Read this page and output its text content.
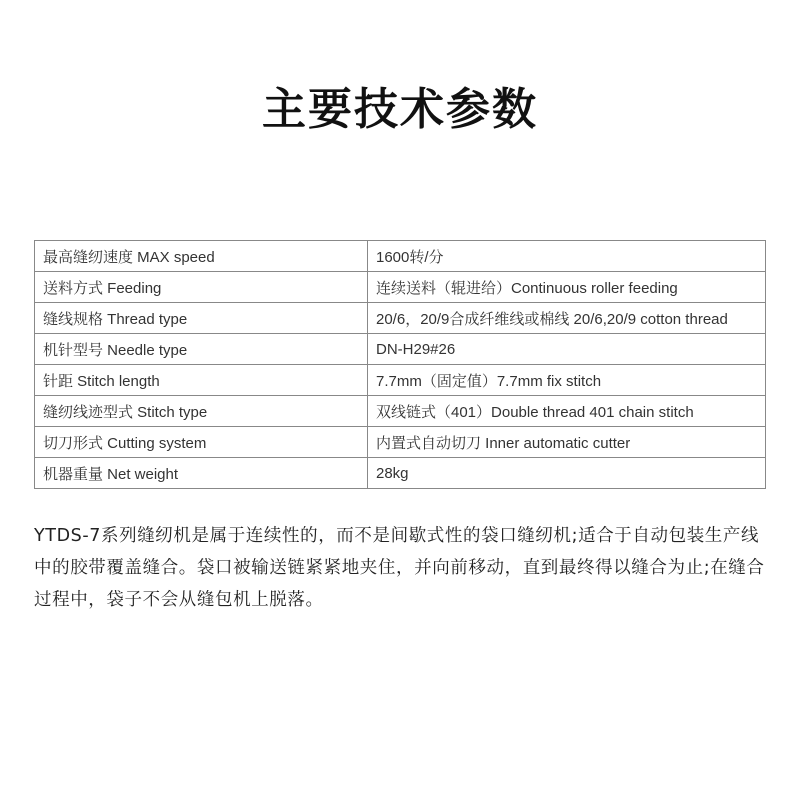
主要技术参数
最高缝纫速度 MAX speed	1600转/分
送料方式 Feeding	连续送料（辊进给）Continuous roller feeding
缝线规格 Thread type	20/6，20/9合成纤维线或棉线 20/6,20/9 cotton thread
机针型号 Needle type	DN-H29#26
针距 Stitch length	7.7mm（固定值）7.7mm fix stitch
缝纫线迹型式 Stitch type	双线链式（401）Double thread 401 chain stitch
切刀形式 Cutting system	内置式自动切刀 Inner automatic cutter
机器重量 Net weight	28kg

YTDS-7系列缝纫机是属于连续性的，而不是间歇式性的袋口缝纫机;适合于自动包装生产线中的胶带覆盖缝合。袋口被输送链紧紧地夹住，并向前移动，直到最终得以缝合为止;在缝合过程中，袋子不会从缝包机上脱落。
